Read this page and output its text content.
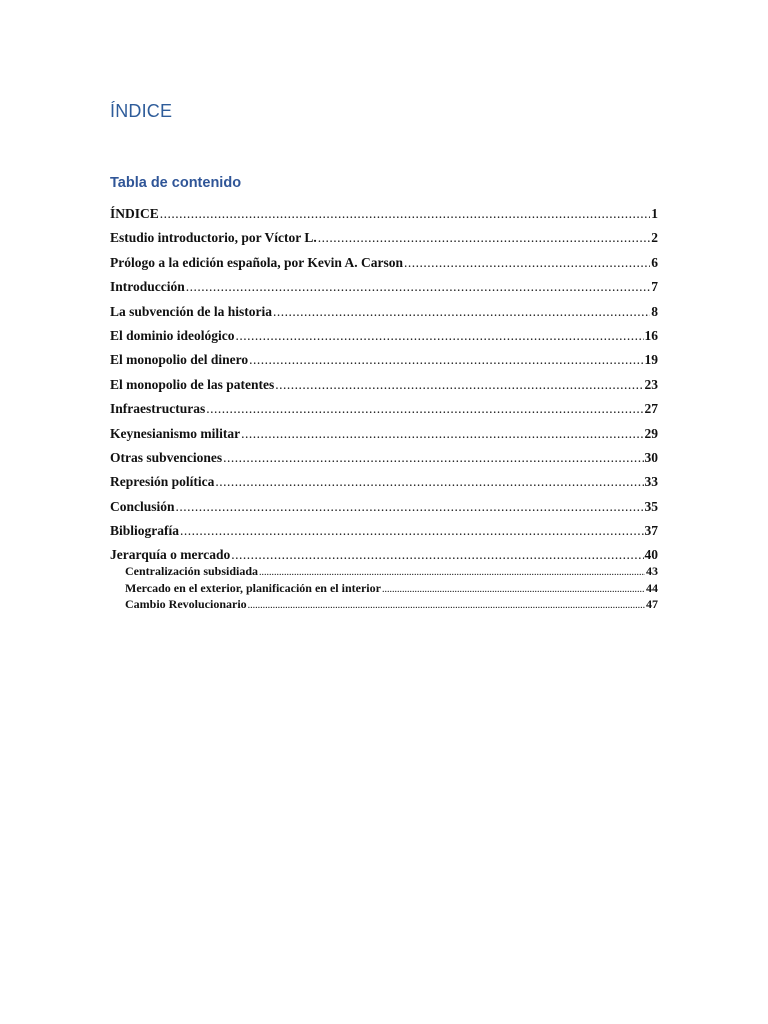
ÍNDICE
Tabla de contenido
ÍNDICE .....	1
Estudio introductorio, por Víctor L. .....	2
Prólogo a la edición española, por Kevin A. Carson .....	6
Introducción .....	7
La subvención de la historia .....	8
El dominio ideológico .....	16
El monopolio del dinero .....	19
El monopolio de las patentes .....	23
Infraestructuras .....	27
Keynesianismo militar .....	29
Otras subvenciones .....	30
Represión política .....	33
Conclusión .....	35
Bibliografía .....	37
Jerarquía o mercado .....	40
Centralización subsidiada .....	43
Mercado en el exterior, planificación en el interior .....	44
Cambio Revolucionario .....	47
